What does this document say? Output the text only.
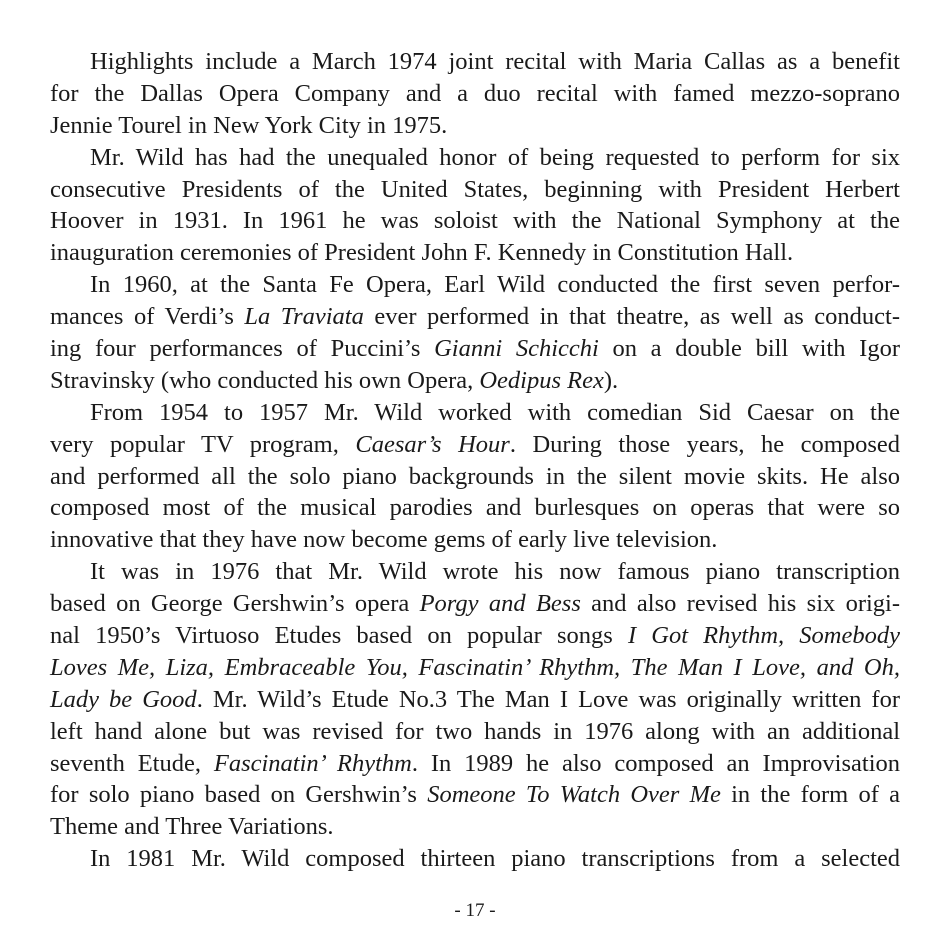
Highlights include a March 1974 joint recital with Maria Callas as a benefit
for the Dallas Opera Company and a duo recital with famed mezzo-soprano
Jennie Tourel in New York City in 1975.
Mr. Wild has had the unequaled honor of being requested to perform for six
consecutive Presidents of the United States, beginning with President Herbert
Hoover in 1931. In 1961 he was soloist with the National Symphony at the
inauguration ceremonies of President John F. Kennedy in Constitution Hall.
In 1960, at the Santa Fe Opera, Earl Wild conducted the first seven perfor-
mances of Verdi’s La Traviata ever performed in that theatre, as well as conduct-
ing four performances of Puccini’s Gianni Schicchi on a double bill with Igor
Stravinsky (who conducted his own Opera, Oedipus Rex).
From 1954 to 1957 Mr. Wild worked with comedian Sid Caesar on the
very popular TV program, Caesar’s Hour. During those years, he composed
and performed all the solo piano backgrounds in the silent movie skits. He also
composed most of the musical parodies and burlesques on operas that were so
innovative that they have now become gems of early live television.
It was in 1976 that Mr. Wild wrote his now famous piano transcription
based on George Gershwin’s opera Porgy and Bess and also revised his six origi-
nal 1950’s Virtuoso Etudes based on popular songs I Got Rhythm, Somebody
Loves Me, Liza, Embraceable You, Fascinatin’ Rhythm, The Man I Love, and Oh,
Lady be Good. Mr. Wild’s Etude No.3 The Man I Love was originally written for
left hand alone but was revised for two hands in 1976 along with an additional
seventh Etude, Fascinatin’ Rhythm. In 1989 he also composed an Improvisation
for solo piano based on Gershwin’s Someone To Watch Over Me in the form of a
Theme and Three Variations.
In 1981 Mr. Wild composed thirteen piano transcriptions from a selected
- 17 -
